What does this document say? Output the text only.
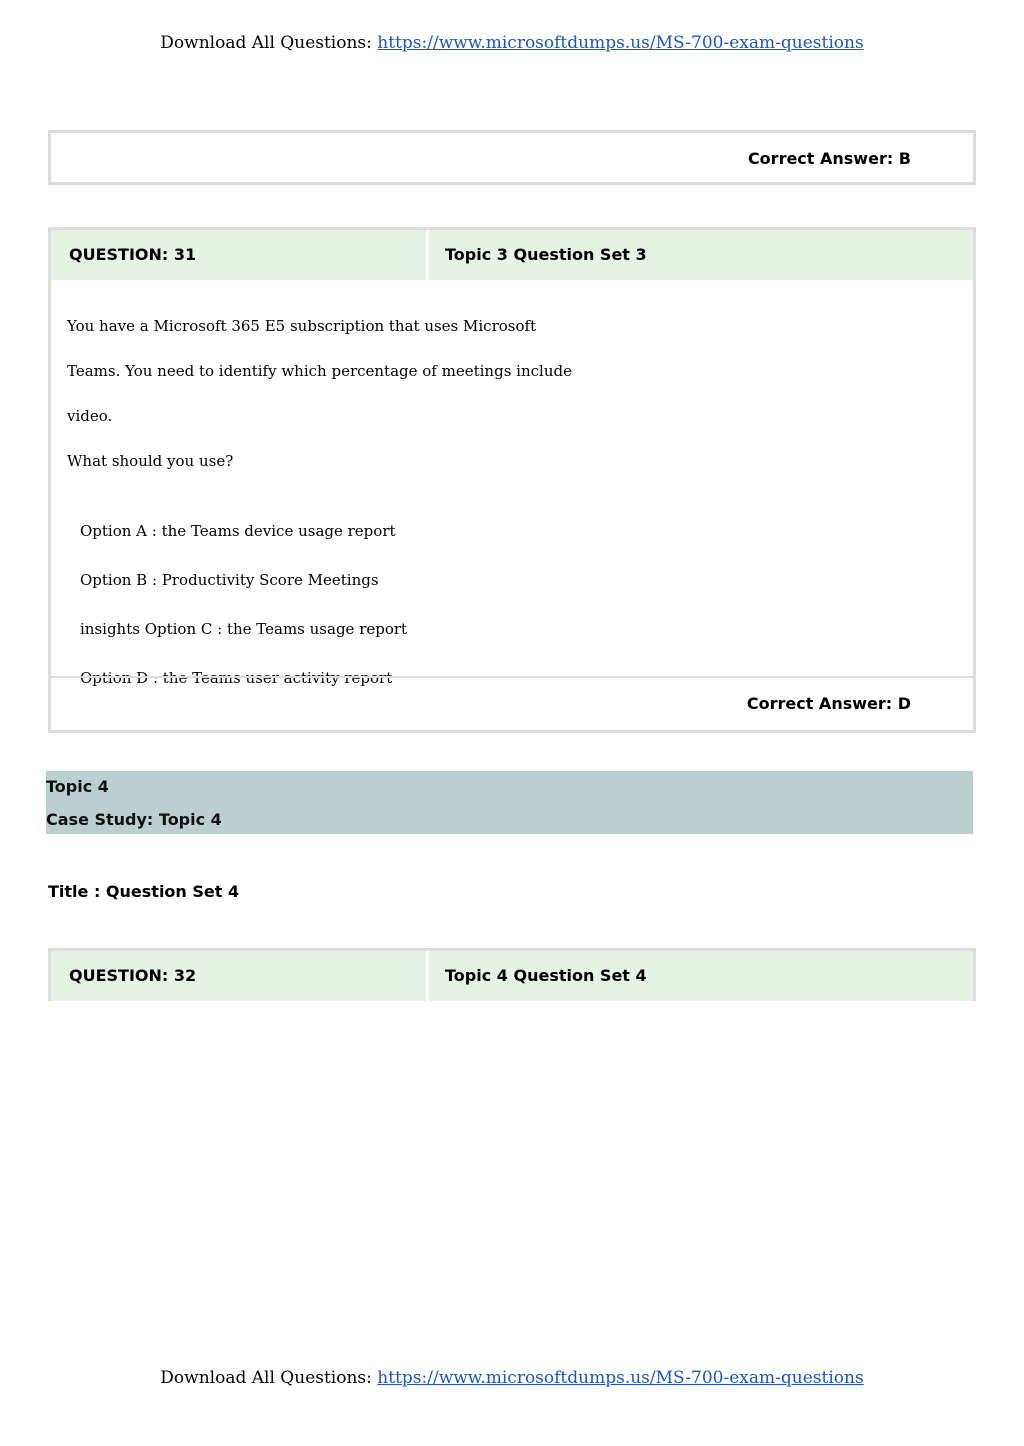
Download All Questions: https://www.microsoftdumps.us/MS-700-exam-questions
Correct Answer: B
QUESTION: 31	Topic 3 Question Set 3

You have a Microsoft 365 E5 subscription that uses Microsoft

Teams. You need to identify which percentage of meetings include

video.

What should you use?

Option A : the Teams device usage report

Option B : Productivity Score Meetings

insights Option C : the Teams usage report

Option D : the Teams user activity report

Correct Answer: D
Topic 4
Case Study: Topic 4
Title : Question Set 4
QUESTION: 32	Topic 4 Question Set 4
Download All Questions: https://www.microsoftdumps.us/MS-700-exam-questions
